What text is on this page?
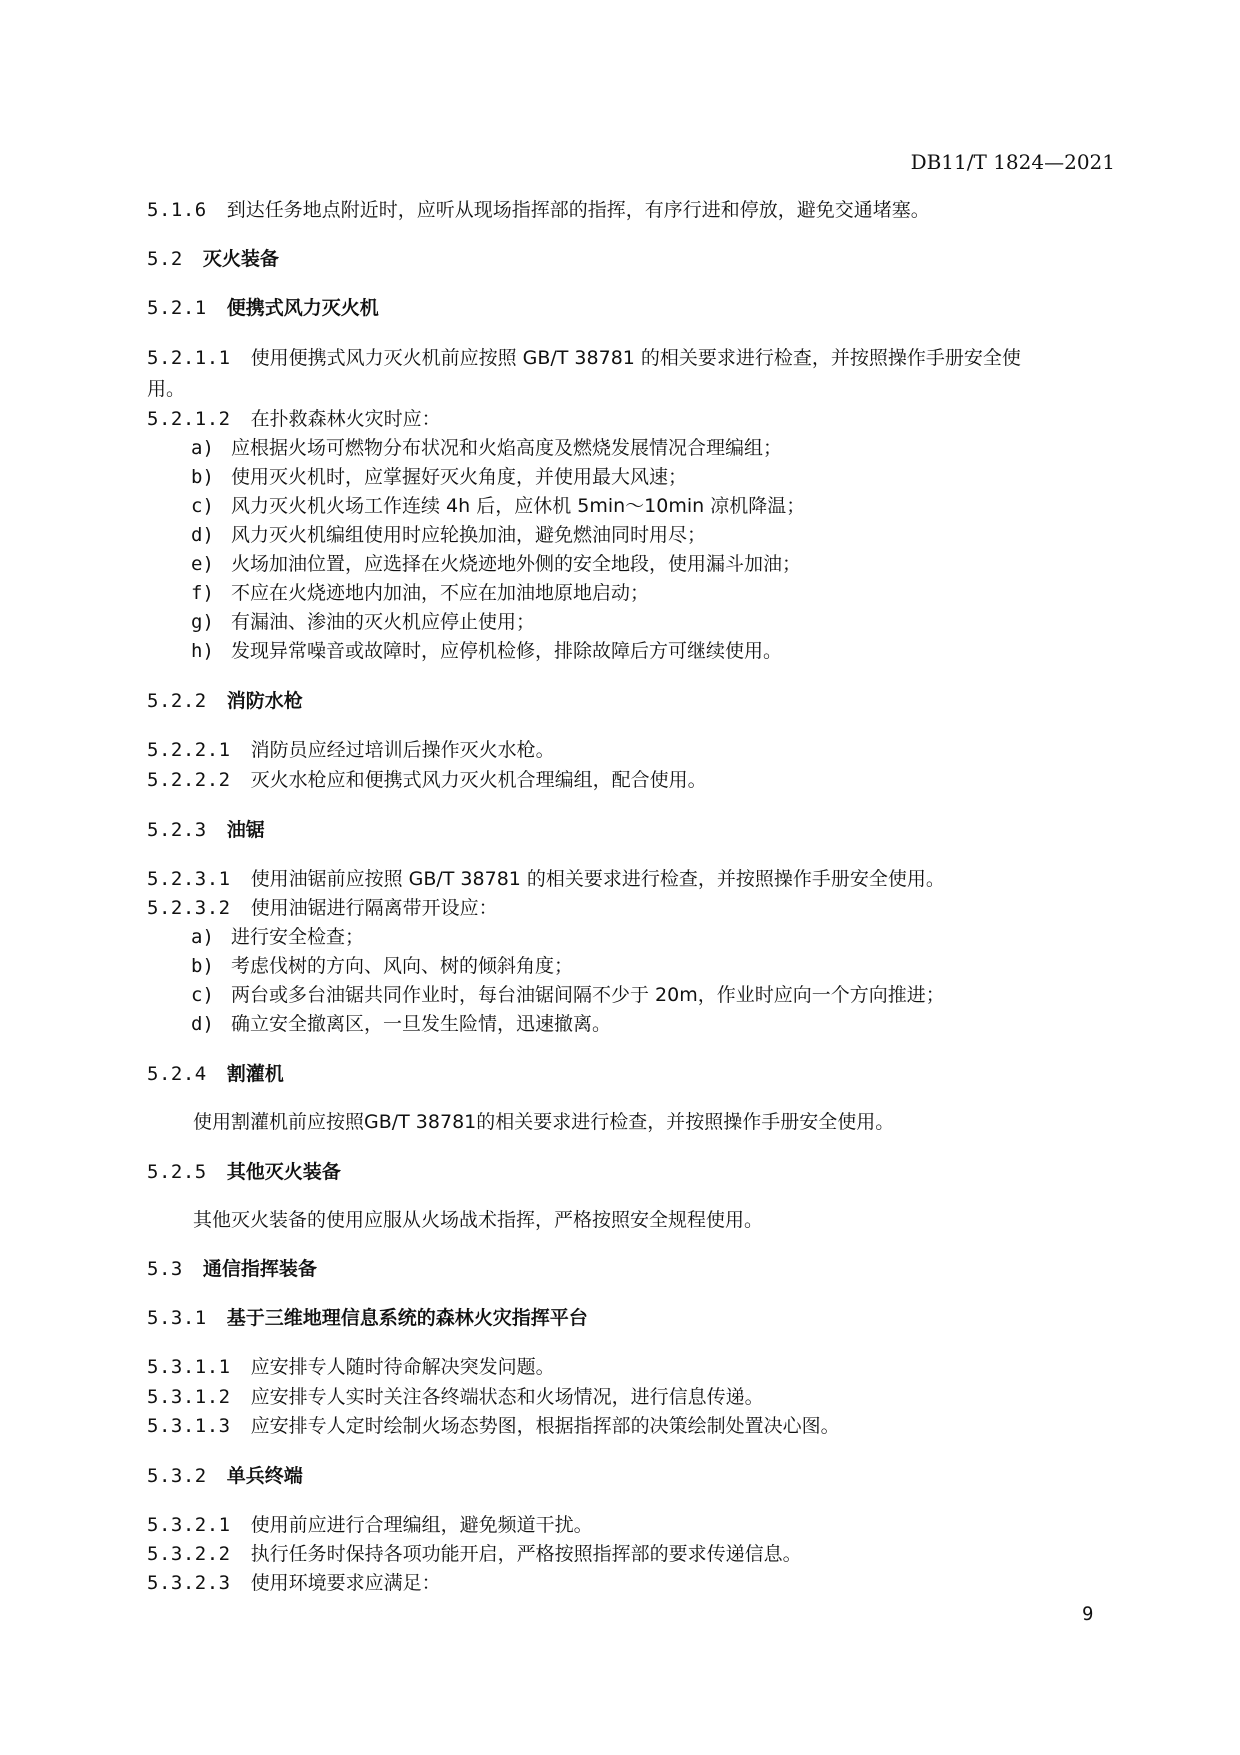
DB11/T 1824—2021
5.1.6 到达任务地点附近时，应听从现场指挥部的指挥，有序行进和停放，避免交通堵塞。
5.2 灭火装备
5.2.1 便携式风力灭火机
5.2.1.1 使用便携式风力灭火机前应按照 GB/T 38781 的相关要求进行检查，并按照操作手册安全使
用。
5.2.1.2 在扑救森林火灾时应：
a) 应根据火场可燃物分布状况和火焰高度及燃烧发展情况合理编组；
b) 使用灭火机时，应掌握好灭火角度，并使用最大风速；
c) 风力灭火机火场工作连续 4h 后，应休机 5min～10min 凉机降温；
d) 风力灭火机编组使用时应轮换加油，避免燃油同时用尽；
e) 火场加油位置，应选择在火烧迹地外侧的安全地段，使用漏斗加油；
f) 不应在火烧迹地内加油，不应在加油地原地启动；
g) 有漏油、渗油的灭火机应停止使用；
h) 发现异常噪音或故障时，应停机检修，排除故障后方可继续使用。
5.2.2 消防水枪
5.2.2.1 消防员应经过培训后操作灭火水枪。
5.2.2.2 灭火水枪应和便携式风力灭火机合理编组，配合使用。
5.2.3 油锯
5.2.3.1 使用油锯前应按照 GB/T 38781 的相关要求进行检查，并按照操作手册安全使用。
5.2.3.2 使用油锯进行隔离带开设应：
a) 进行安全检查；
b) 考虑伐树的方向、风向、树的倾斜角度；
c) 两台或多台油锯共同作业时，每台油锯间隔不少于 20m，作业时应向一个方向推进；
d) 确立安全撤离区，一旦发生险情，迅速撤离。
5.2.4 割灌机
使用割灌机前应按照GB/T 38781的相关要求进行检查，并按照操作手册安全使用。
5.2.5 其他灭火装备
其他灭火装备的使用应服从火场战术指挥，严格按照安全规程使用。
5.3 通信指挥装备
5.3.1 基于三维地理信息系统的森林火灾指挥平台
5.3.1.1 应安排专人随时待命解决突发问题。
5.3.1.2 应安排专人实时关注各终端状态和火场情况，进行信息传递。
5.3.1.3 应安排专人定时绘制火场态势图，根据指挥部的决策绘制处置决心图。
5.3.2 单兵终端
5.3.2.1 使用前应进行合理编组，避免频道干扰。
5.3.2.2 执行任务时保持各项功能开启，严格按照指挥部的要求传递信息。
5.3.2.3 使用环境要求应满足：
9
